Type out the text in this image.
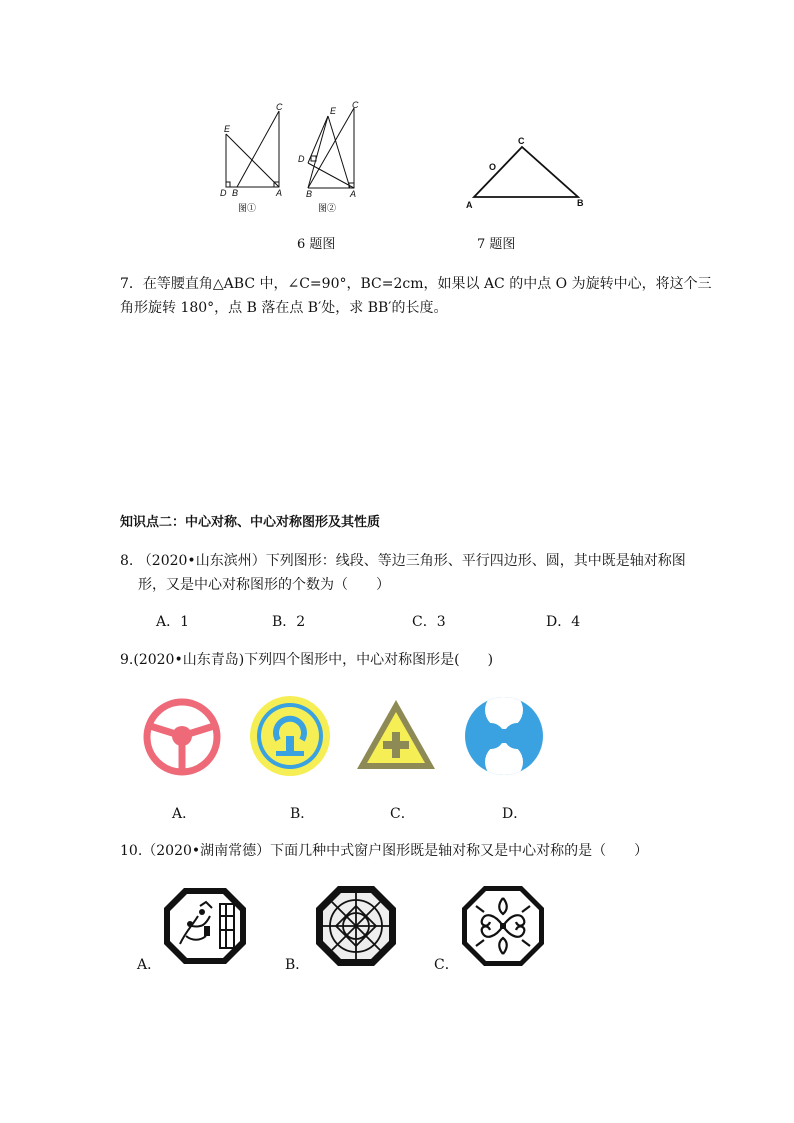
C
E
D B	A
图①
C
E
D
B	A
图②
C
O
A	B
6 题图	7 题图
7．在等腰直角△ABC 中，∠C=90°，BC=2cm，如果以 AC 的中点 O 为旋转中心，将这个三
角形旋转 180°，点 B 落在点 B′处，求 BB′的长度。
知识点二：中心对称、中心对称图形及其性质
8. （2020•山东滨州）下列图形：线段、等边三角形、平行四边形、圆，其中既是轴对称图
形，又是中心对称图形的个数为（　　）
A．1	B．2	C．3	D．4
9.(2020•山东青岛)下列四个图形中，中心对称图形是(　　)
A．	B．	C．	D．
10.（2020•湖南常德）下面几种中式窗户图形既是轴对称又是中心对称的是（　　）
A．	B．	C．
